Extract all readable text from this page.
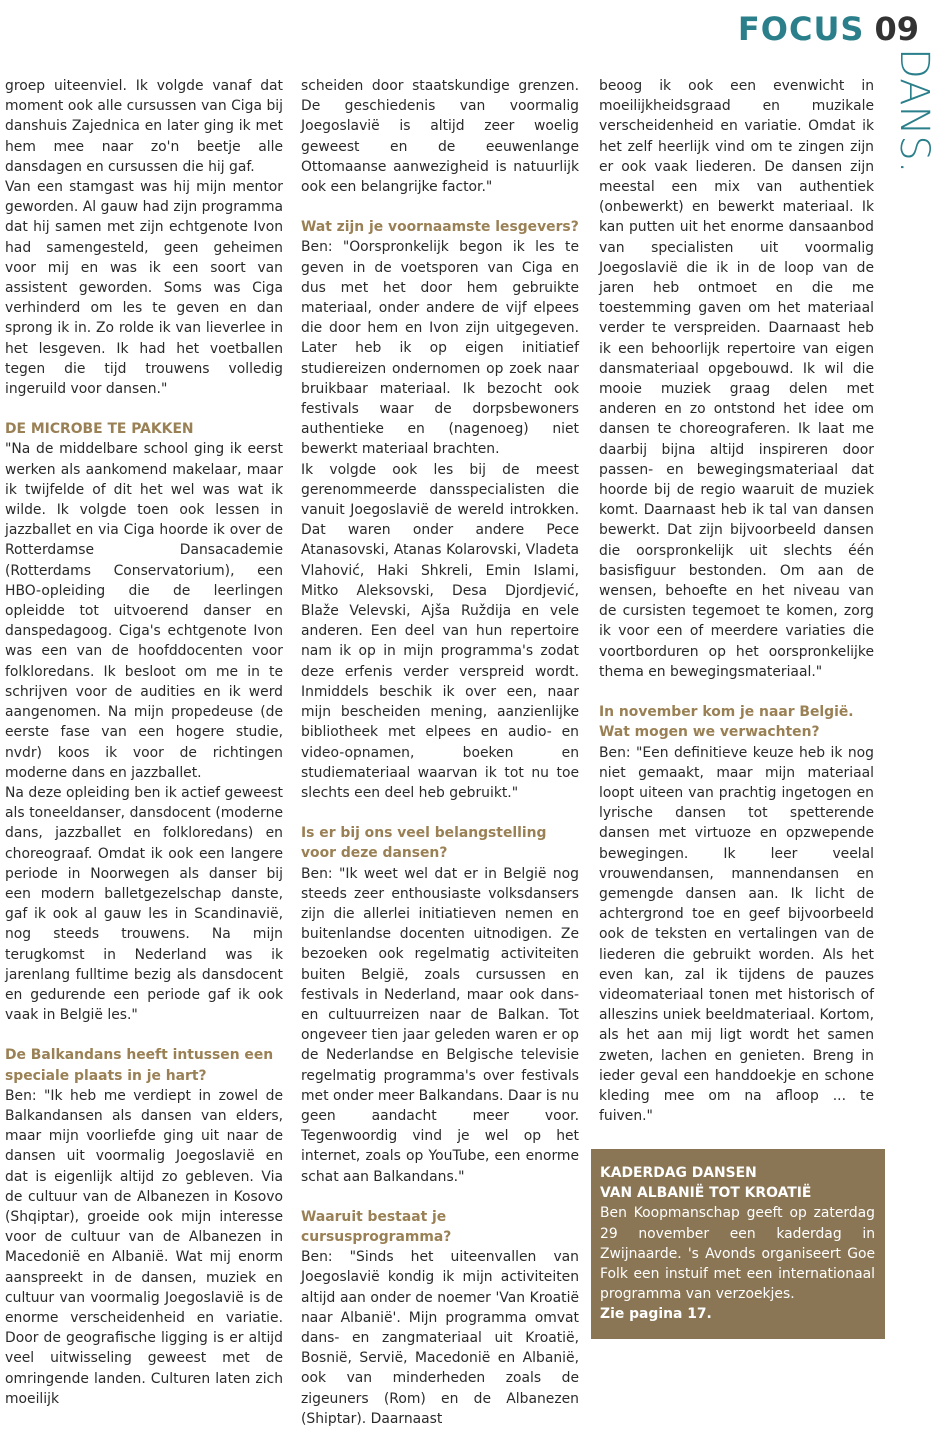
FOCUS 09
DANS.

groep uiteenviel. Ik volgde vanaf dat moment ook alle cursussen van Ciga bij danshuis Zajednica en later ging ik met hem mee naar zo'n beetje alle dansdagen en cursussen die hij gaf.

Van een stamgast was hij mijn mentor geworden. Al gauw had zijn programma dat hij samen met zijn echtgenote Ivon had samengesteld, geen geheimen voor mij en was ik een soort van assistent geworden. Soms was Ciga verhinderd om les te geven en dan sprong ik in. Zo rolde ik van lieverlee in het lesgeven. Ik had het voetballen tegen die tijd trouwens volledig ingeruild voor dansen."

DE MICROBE TE PAKKEN

"Na de middelbare school ging ik eerst werken als aankomend makelaar, maar ik twijfelde of dit het wel was wat ik wilde. Ik volgde toen ook lessen in jazzballet en via Ciga hoorde ik over de Rotterdamse Dansacademie (Rotterdams Conservatorium), een HBO-opleiding die de leerlingen opleidde tot uitvoerend danser en danspedagoog. Ciga's echtgenote Ivon was een van de hoofddocenten voor folkloredans. Ik besloot om me in te schrijven voor de audities en ik werd aangenomen. Na mijn propedeuse (de eerste fase van een hogere studie, nvdr) koos ik voor de richtingen moderne dans en jazzballet.

Na deze opleiding ben ik actief geweest als toneeldanser, dansdocent (moderne dans, jazzballet en folkloredans) en choreograaf. Omdat ik ook een langere periode in Noorwegen als danser bij een modern balletgezelschap danste, gaf ik ook al gauw les in Scandinavië, nog steeds trouwens. Na mijn terugkomst in Nederland was ik jarenlang fulltime bezig als dansdocent en gedurende een periode gaf ik ook vaak in België les."

De Balkandans heeft intussen een speciale plaats in je hart?

Ben: "Ik heb me verdiept in zowel de Balkandansen als dansen van elders, maar mijn voorliefde ging uit naar de dansen uit voormalig Joegoslavië en dat is eigenlijk altijd zo gebleven. Via de cultuur van de Albanezen in Kosovo (Shqiptar), groeide ook mijn interesse voor de cultuur van de Albanezen in Macedonië en Albanië. Wat mij enorm aanspreekt in de dansen, muziek en cultuur van voormalig Joegoslavië is de enorme verscheidenheid en variatie. Door de geografische ligging is er altijd veel uitwisseling geweest met de omringende landen. Culturen laten zich moeilijk

scheiden door staatskundige grenzen. De geschiedenis van voormalig Joegoslavië is altijd zeer woelig geweest en de eeuwenlange Ottomaanse aanwezigheid is natuurlijk ook een belangrijke factor."

Wat zijn je voornaamste lesgevers?

Ben: "Oorspronkelijk begon ik les te geven in de voetsporen van Ciga en dus met het door hem gebruikte materiaal, onder andere de vijf elpees die door hem en Ivon zijn uitgegeven. Later heb ik op eigen initiatief studiereizen ondernomen op zoek naar bruikbaar materiaal. Ik bezocht ook festivals waar de dorpsbewoners authentieke en (nagenoeg) niet bewerkt materiaal brachten.

Ik volgde ook les bij de meest gerenommeerde dansspecialisten die vanuit Joegoslavië de wereld introkken. Dat waren onder andere Pece Atanasovski, Atanas Kolarovski, Vladeta Vlahović, Haki Shkreli, Emin Islami, Mitko Aleksovski, Desa Djordjević, Blaže Velevski, Ajša Ruždija en vele anderen. Een deel van hun repertoire nam ik op in mijn programma's zodat deze erfenis verder verspreid wordt. Inmiddels beschik ik over een, naar mijn bescheiden mening, aanzienlijke bibliotheek met elpees en audio- en video-opnamen, boeken en studiemateriaal waarvan ik tot nu toe slechts een deel heb gebruikt."

Is er bij ons veel belangstelling voor deze dansen?

Ben: "Ik weet wel dat er in België nog steeds zeer enthousiaste volksdansers zijn die allerlei initiatieven nemen en buitenlandse docenten uitnodigen. Ze bezoeken ook regelmatig activiteiten buiten België, zoals cursussen en festivals in Nederland, maar ook dans- en cultuurreizen naar de Balkan. Tot ongeveer tien jaar geleden waren er op de Nederlandse en Belgische televisie regelmatig programma's over festivals met onder meer Balkandans. Daar is nu geen aandacht meer voor. Tegenwoordig vind je wel op het internet, zoals op YouTube, een enorme schat aan Balkandans."

Waaruit bestaat je cursusprogramma?

Ben: "Sinds het uiteenvallen van Joegoslavië kondig ik mijn activiteiten altijd aan onder de noemer 'Van Kroatië naar Albanië'. Mijn programma omvat dans- en zangmateriaal uit Kroatië, Bosnië, Servië, Macedonië en Albanië, ook van minderheden zoals de zigeuners (Rom) en de Albanezen (Shiptar). Daarnaast

beoog ik ook een evenwicht in moeilijkheidsgraad en muzikale verscheidenheid en variatie. Omdat ik het zelf heerlijk vind om te zingen zijn er ook vaak liederen. De dansen zijn meestal een mix van authentiek (onbewerkt) en bewerkt materiaal. Ik kan putten uit het enorme dansaanbod van specialisten uit voormalig Joegoslavië die ik in de loop van de jaren heb ontmoet en die me toestemming gaven om het materiaal verder te verspreiden. Daarnaast heb ik een behoorlijk repertoire van eigen dansmateriaal opgebouwd. Ik wil die mooie muziek graag delen met anderen en zo ontstond het idee om dansen te choreograferen. Ik laat me daarbij bijna altijd inspireren door passen- en bewegingsmateriaal dat hoorde bij de regio waaruit de muziek komt. Daarnaast heb ik tal van dansen bewerkt. Dat zijn bijvoorbeeld dansen die oorspronkelijk uit slechts één basisfiguur bestonden. Om aan de wensen, behoefte en het niveau van de cursisten tegemoet te komen, zorg ik voor een of meerdere variaties die voortborduren op het oorspronkelijke thema en bewegingsmateriaal."

In november kom je naar België. Wat mogen we verwachten?

Ben: "Een definitieve keuze heb ik nog niet gemaakt, maar mijn materiaal loopt uiteen van prachtig ingetogen en lyrische dansen tot spetterende dansen met virtuoze en opzwepende bewegingen. Ik leer veelal vrouwendansen, mannendansen en gemengde dansen aan. Ik licht de achtergrond toe en geef bijvoorbeeld ook de teksten en vertalingen van de liederen die gebruikt worden. Als het even kan, zal ik tijdens de pauzes videomateriaal tonen met historisch of alleszins uniek beeldmateriaal. Kortom, als het aan mij ligt wordt het samen zweten, lachen en genieten. Breng in ieder geval een handdoekje en schone kleding mee om na afloop ... te fuiven."

KADERDAG DANSEN

VAN ALBANIË TOT KROATIË

Ben Koopmanschap geeft op zaterdag 29 november een kaderdag in Zwijnaarde. 's Avonds organiseert Goe Folk een instuif met een internationaal programma van verzoekjes.

Zie pagina 17.
